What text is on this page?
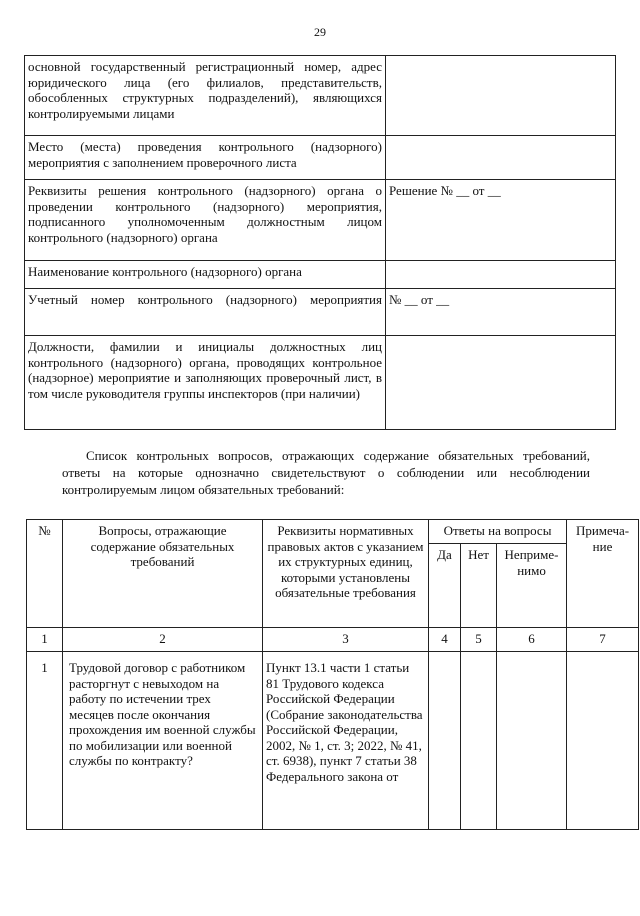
29
основной государственный регистрационный номер, адрес юридического лица (его филиалов, представительств, обособленных структурных подразделений), являющихся контролируемыми лицами	
Место (места) проведения контрольного (надзорного) мероприятия с заполнением проверочного листа	
Реквизиты решения контрольного (надзорного) органа о проведении контрольного (надзорного) мероприятия, подписанного уполномоченным должностным лицом контрольного (надзорного) органа	Решение № __ от __
Наименование контрольного (надзорного) органа	
Учетный номер контрольного (надзорного) мероприятия	№ __ от __
Должности, фамилии и инициалы должностных лиц контрольного (надзорного) органа, проводящих контрольное (надзорное) мероприятие и заполняющих проверочный лист, в том числе руководителя группы инспекторов (при наличии)	
Список контрольных вопросов, отражающих содержание обязательных требований, ответы на которые однозначно свидетельствуют о соблюдении или несоблюдении контролируемым лицом обязательных требований:
№	Вопросы, отражающие содержание обязательных требований	Реквизиты нормативных правовых актов с указанием их структурных единиц, которыми установлены обязательные требования	Ответы на вопросы			Примеча-ние
			Да	Нет	Непримe-нимо	
1	2	3	4	5	6	7
1	Трудовой договор с работником расторгнут с невыходом на работу по истечении трех месяцев после окончания прохождения им военной службы по мобилизации или военной службы по контракту?	Пункт 13.1 части 1 статьи 81 Трудового кодекса Российской Федерации (Собрание законодательства Российской Федерации, 2002, № 1, ст. 3; 2022, № 41, ст. 6938), пункт 7 статьи 38 Федерального закона от				
